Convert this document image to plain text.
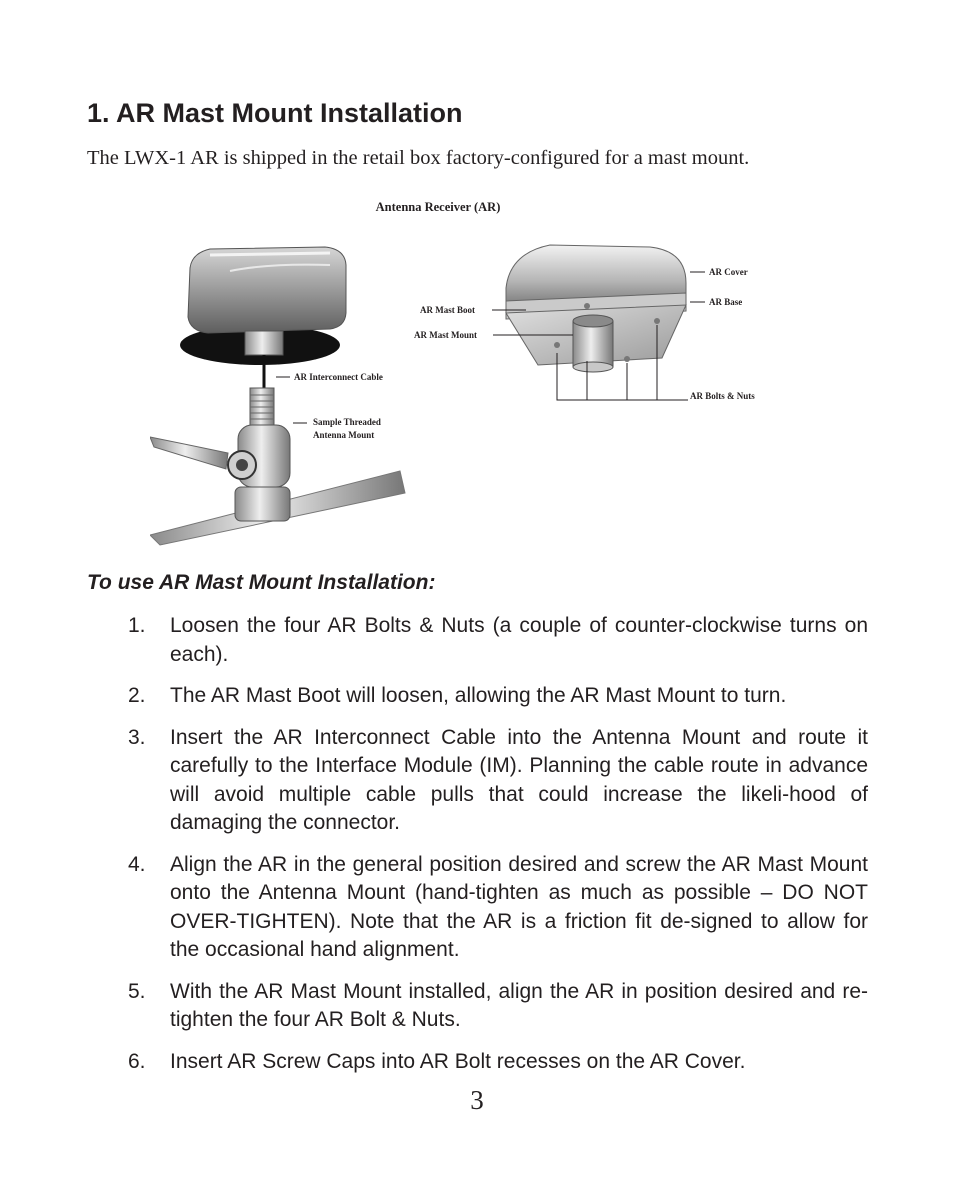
1. AR Mast Mount Installation

The LWX-1 AR is shipped in the retail box factory-configured for a mast mount.

Antenna Receiver (AR)
AR Interconnect Cable
Sample Threaded
Antenna Mount
AR Cover
AR Base
AR Mast Boot
AR Mast Mount
AR Bolts & Nuts
To use AR Mast Mount Installation:
1.	Loosen the four AR Bolts & Nuts (a couple of counter-clockwise turns on each).
2.	The AR Mast Boot will loosen, allowing the AR Mast Mount to turn.
3.	Insert the AR Interconnect Cable into the Antenna Mount and route it carefully to the Interface Module (IM). Planning the cable route in advance will avoid multiple cable pulls that could increase the likeli-hood of damaging the connector.
4.	Align the AR in the general position desired and screw the AR Mast Mount onto the Antenna Mount (hand-tighten as much as possible – DO NOT OVER-TIGHTEN). Note that the AR is a friction fit de-signed to allow for the occasional hand alignment.
5.	With the AR Mast Mount installed, align the AR in position desired and re-tighten the four AR Bolt & Nuts.
6.	Insert AR Screw Caps into AR Bolt recesses on the AR Cover.
3
